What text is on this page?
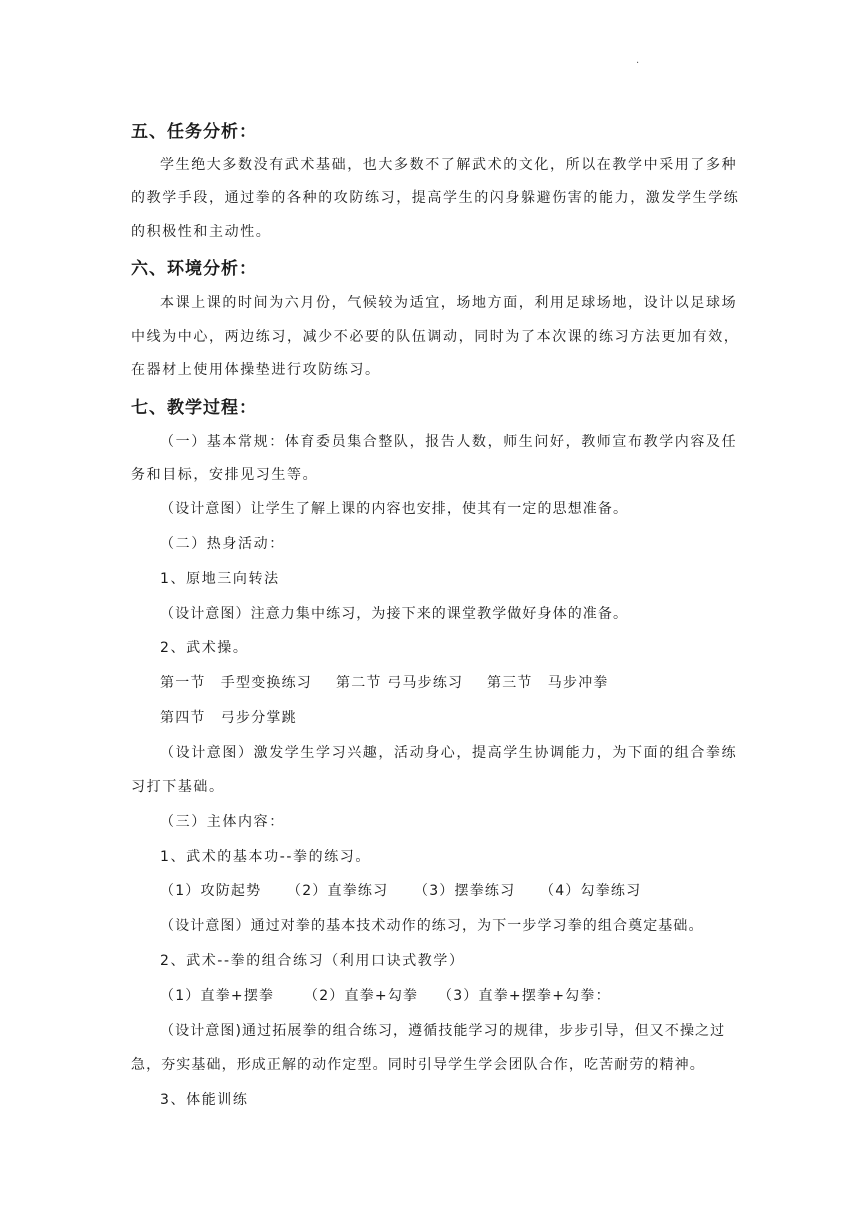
·
五、任务分析：
学生绝大多数没有武术基础，也大多数不了解武术的文化，所以在教学中采用了多种
的教学手段，通过拳的各种的攻防练习，提高学生的闪身躲避伤害的能力，激发学生学练
的积极性和主动性。
六、环境分析：
本课上课的时间为六月份，气候较为适宜，场地方面，利用足球场地，设计以足球场
中线为中心，两边练习，减少不必要的队伍调动，同时为了本次课的练习方法更加有效，
在器材上使用体操垫进行攻防练习。
七、教学过程：
（一）基本常规：体育委员集合整队，报告人数，师生问好，教师宣布教学内容及任
务和目标，安排见习生等。
（设计意图）让学生了解上课的内容也安排，使其有一定的思想准备。
（二）热身活动：
1、原地三向转法
（设计意图）注意力集中练习，为接下来的课堂教学做好身体的准备。
2、武术操。
第一节　手型变换练习 第二节 弓马步练习 第三节　马步冲拳
第四节　弓步分掌跳
（设计意图）激发学生学习兴趣，活动身心，提高学生协调能力，为下面的组合拳练
习打下基础。
（三）主体内容：
1、武术的基本功--拳的练习。
（1）攻防起势 （2）直拳练习 （3）摆拳练习 （4）勾拳练习
（设计意图）通过对拳的基本技术动作的练习，为下一步学习拳的组合奠定基础。
2、武术--拳的组合练习（利用口诀式教学）
（1）直拳+摆拳 （2）直拳+勾拳 （3）直拳+摆拳+勾拳：
（设计意图)通过拓展拳的组合练习，遵循技能学习的规律，步步引导，但又不操之过
急，夯实基础，形成正解的动作定型。同时引导学生学会团队合作，吃苦耐劳的精神。
3、体能训练
